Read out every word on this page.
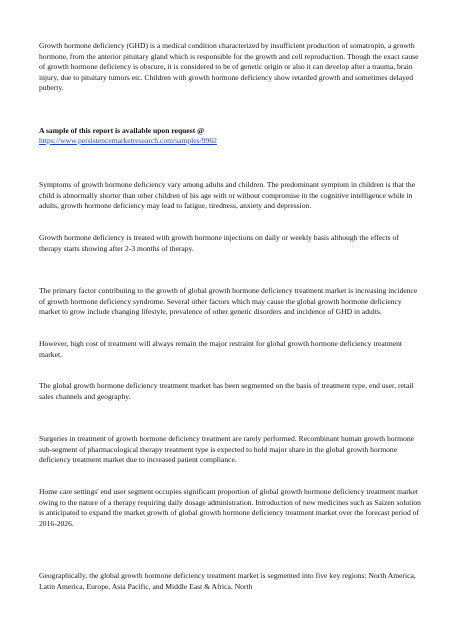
Growth hormone deficiency (GHD) is a medical condition characterized by insufficient production of somatropin, a growth hormone, from the anterior pituitary gland which is responsible for the growth and cell reproduction. Though the exact cause of growth hormone deficiency is obscure, it is considered to be of genetic origin or also it can develop after a trauma, brain injury, due to pituitary tumors etc. Children with growth hormone deficiency show retarded growth and sometimes delayed puberty.

A sample of this report is available upon request @

https://www.persistencemarketresearch.com/samples/9962

Symptoms of growth hormone deficiency vary among adults and children. The predominant symptom in children is that the child is abnormally shorter than other children of his age with or without compromise in the cognitive intelligence while in adults, growth hormone deficiency may lead to fatigue, tiredness, anxiety and depression.

Growth hormone deficiency is treated with growth hormone injections on daily or weekly basis although the effects of therapy starts showing after 2-3 months of therapy.

The primary factor contributing to the growth of global growth hormone deficiency treatment market is increasing incidence of growth hormone deficiency syndrome. Several other factors which may cause the global growth hormone deficiency market to grow include changing lifestyle, prevalence of other genetic disorders and incidence of GHD in adults.

However, high cost of treatment will always remain the major restraint for global growth hormone deficiency treatment market.

The global growth hormone deficiency treatment market has been segmented on the basis of treatment type, end user, retail sales channels and geography.

Surgeries in treatment of growth hormone deficiency treatment are rarely performed. Recombinant human growth hormone sub-segment of pharmacological therapy treatment type is expected to hold major share in the global growth hormone deficiency treatment market due to increased patient compliance.

Home care settings' end user segment occupies significant proportion of global growth hormone deficiency treatment market owing to the nature of a therapy requiring daily dosage administration. Introduction of new medicines such as Saizen solution is anticipated to expand the market growth of global growth hormone deficiency treatment market over the forecast period of 2016-2026.

Geographically, the global growth hormone deficiency treatment market is segmented into five key regions: North America, Latin America, Europe, Asia Pacific, and Middle East & Africa. North
